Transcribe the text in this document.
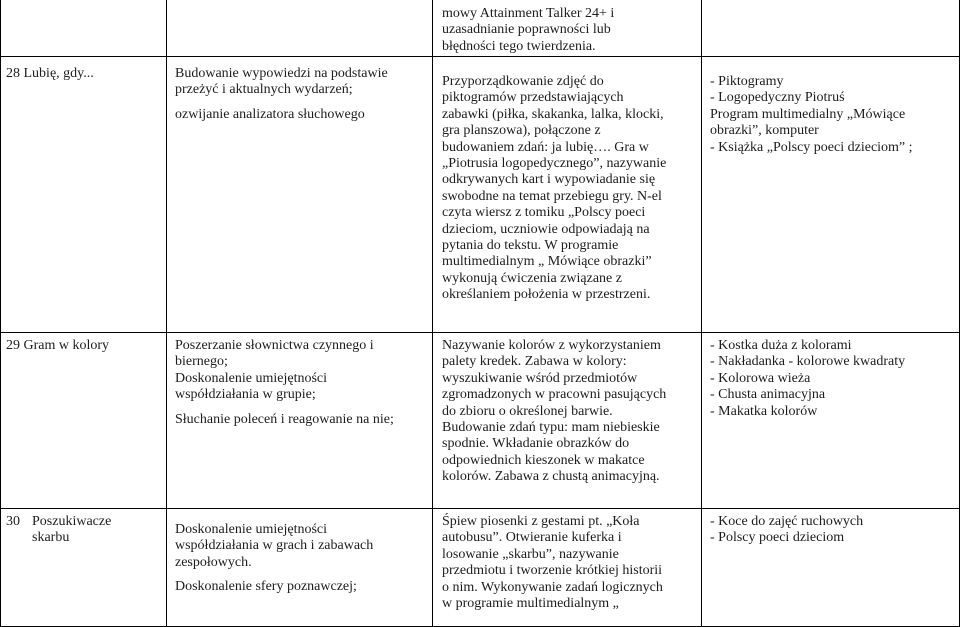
mowy Attainment Talker 24+ i

uzasadnianie poprawności lub

błędności tego twierdzenia.

28 Lubię, gdy...	Budowanie wypowiedzi na podstawie przeżyć i aktualnych wydarzeń;

ozwijanie analizatora słuchowego

Przyporządkowanie zdjęć do

piktogramów przedstawiających

zabawki (piłka, skakanka, lalka, klocki,

gra planszowa), połączone z

budowaniem zdań: ja lubię…. Gra w

„Piotrusia logopedycznego”, nazywanie

odkrywanych kart i wypowiadanie się

swobodne na temat przebiegu gry. N-el

czyta wiersz z tomiku „Polscy poeci

dzieciom, uczniowie odpowiadają na

pytania do tekstu. W programie

multimedialnym „ Mówiące obrazki”

wykonują ćwiczenia związane z

określaniem położenia w przestrzeni.

- Piktogramy

- Logopedyczny Piotruś

Program multimedialny „Mówiące

obrazki”, komputer

- Książka „Polscy poeci dzieciom” ;

29 Gram w kolory	Poszerzanie słownictwa czynnego i

biernego;

Doskonalenie umiejętności

współdziałania w grupie;

Słuchanie poleceń i reagowanie na nie;

Nazywanie kolorów z wykorzystaniem

palety kredek. Zabawa w kolory:

wyszukiwanie wśród przedmiotów

zgromadzonych w pracowni pasujących

do zbioru o określonej barwie.

Budowanie zdań typu: mam niebieskie

spodnie. Wkładanie obrazków do

odpowiednich kieszonek w makatce

kolorów. Zabawa z chustą animacyjną.

- Kostka duża z kolorami

- Nakładanka - kolorowe kwadraty

- Kolorowa wieża

- Chusta animacyjna

- Makatka kolorów

30 Poszukiwacze

skarbu

Doskonalenie umiejętności

współdziałania w grach i zabawach

zespołowych.

Doskonalenie sfery poznawczej;

Śpiew piosenki z gestami pt. „Koła

autobusu”. Otwieranie kuferka i

losowanie „skarbu”, nazywanie

przedmiotu i tworzenie krótkiej historii

o nim. Wykonywanie zadań logicznych

w programie multimedialnym „

- Koce do zajęć ruchowych

- Polscy poeci dzieciom
